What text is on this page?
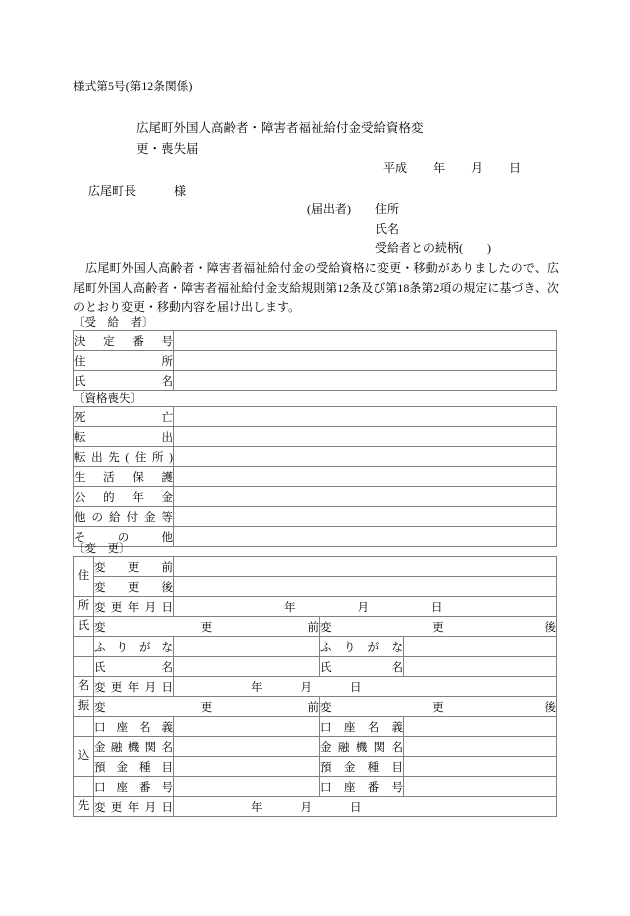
様式第5号(第12条関係)
広尾町外国人高齢者・障害者福祉給付金受給資格変
更・喪失届
平成 年 月 日
広尾町長	様
(届出者) 住所
氏名
受給者との続柄(　　)
広尾町外国人高齢者・障害者福祉給付金の受給資格に変更・移動がありましたので、広尾町外国人高齢者・障害者福祉給付金支給規則第12条及び第18条第2項の規定に基づき、次のとおり変更・移動内容を届け出します。
〔受　給　者〕
決定番号	
住所	
氏名	
〔資格喪失〕
死亡	
転出	
転出先(住所)	
生活保護	
公的年金	
他の給付金等	
その他	
〔変　更〕
住	変更前			
	変更後			
所	変更年月日	年 月 日		
氏	変更前		変更後	
	ふりがな		ふりがな	
	氏名		氏名	
名	変更年月日	年 月 日		
振	変更前		変更後	
	口座名義		口座名義	
込	金融機関名		金融機関名	
	預金種目		預金種目	
	口座番号		口座番号	
先	変更年月日	年 月 日		
